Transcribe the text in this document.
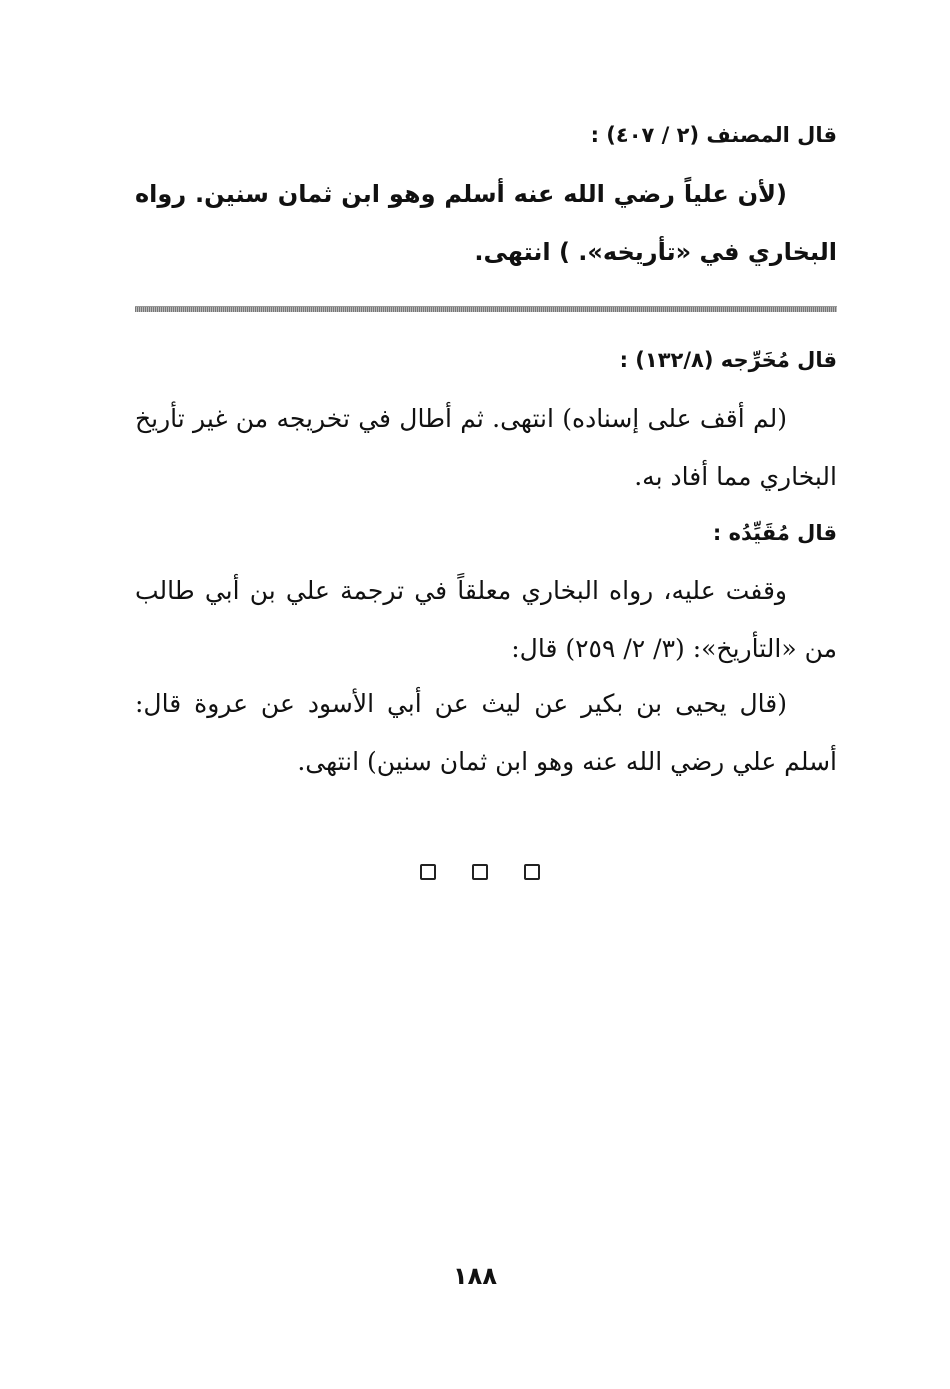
قال المصنف (٢ / ٤٠٧) :
(لأن علياً رضي الله عنه أسلم وهو ابن ثمان سنين. رواه البخاري في «تأريخه». ) انتهى.
قال مُخَرِّجه (١٣٢/٨) :
(لم أقف على إسناده) انتهى. ثم أطال في تخريجه من غير تأريخ البخاري مما أفاد به.
قال مُقَيِّدُه :
وقفت عليه، رواه البخاري معلقاً في ترجمة علي بن أبي طالب من «التأريخ»: (٣/ ٢/ ٢٥٩) قال:
(قال يحيى بن بكير عن ليث عن أبي الأسود عن عروة قال: أسلم علي رضي الله عنه وهو ابن ثمان سنين) انتهى.
١٨٨
